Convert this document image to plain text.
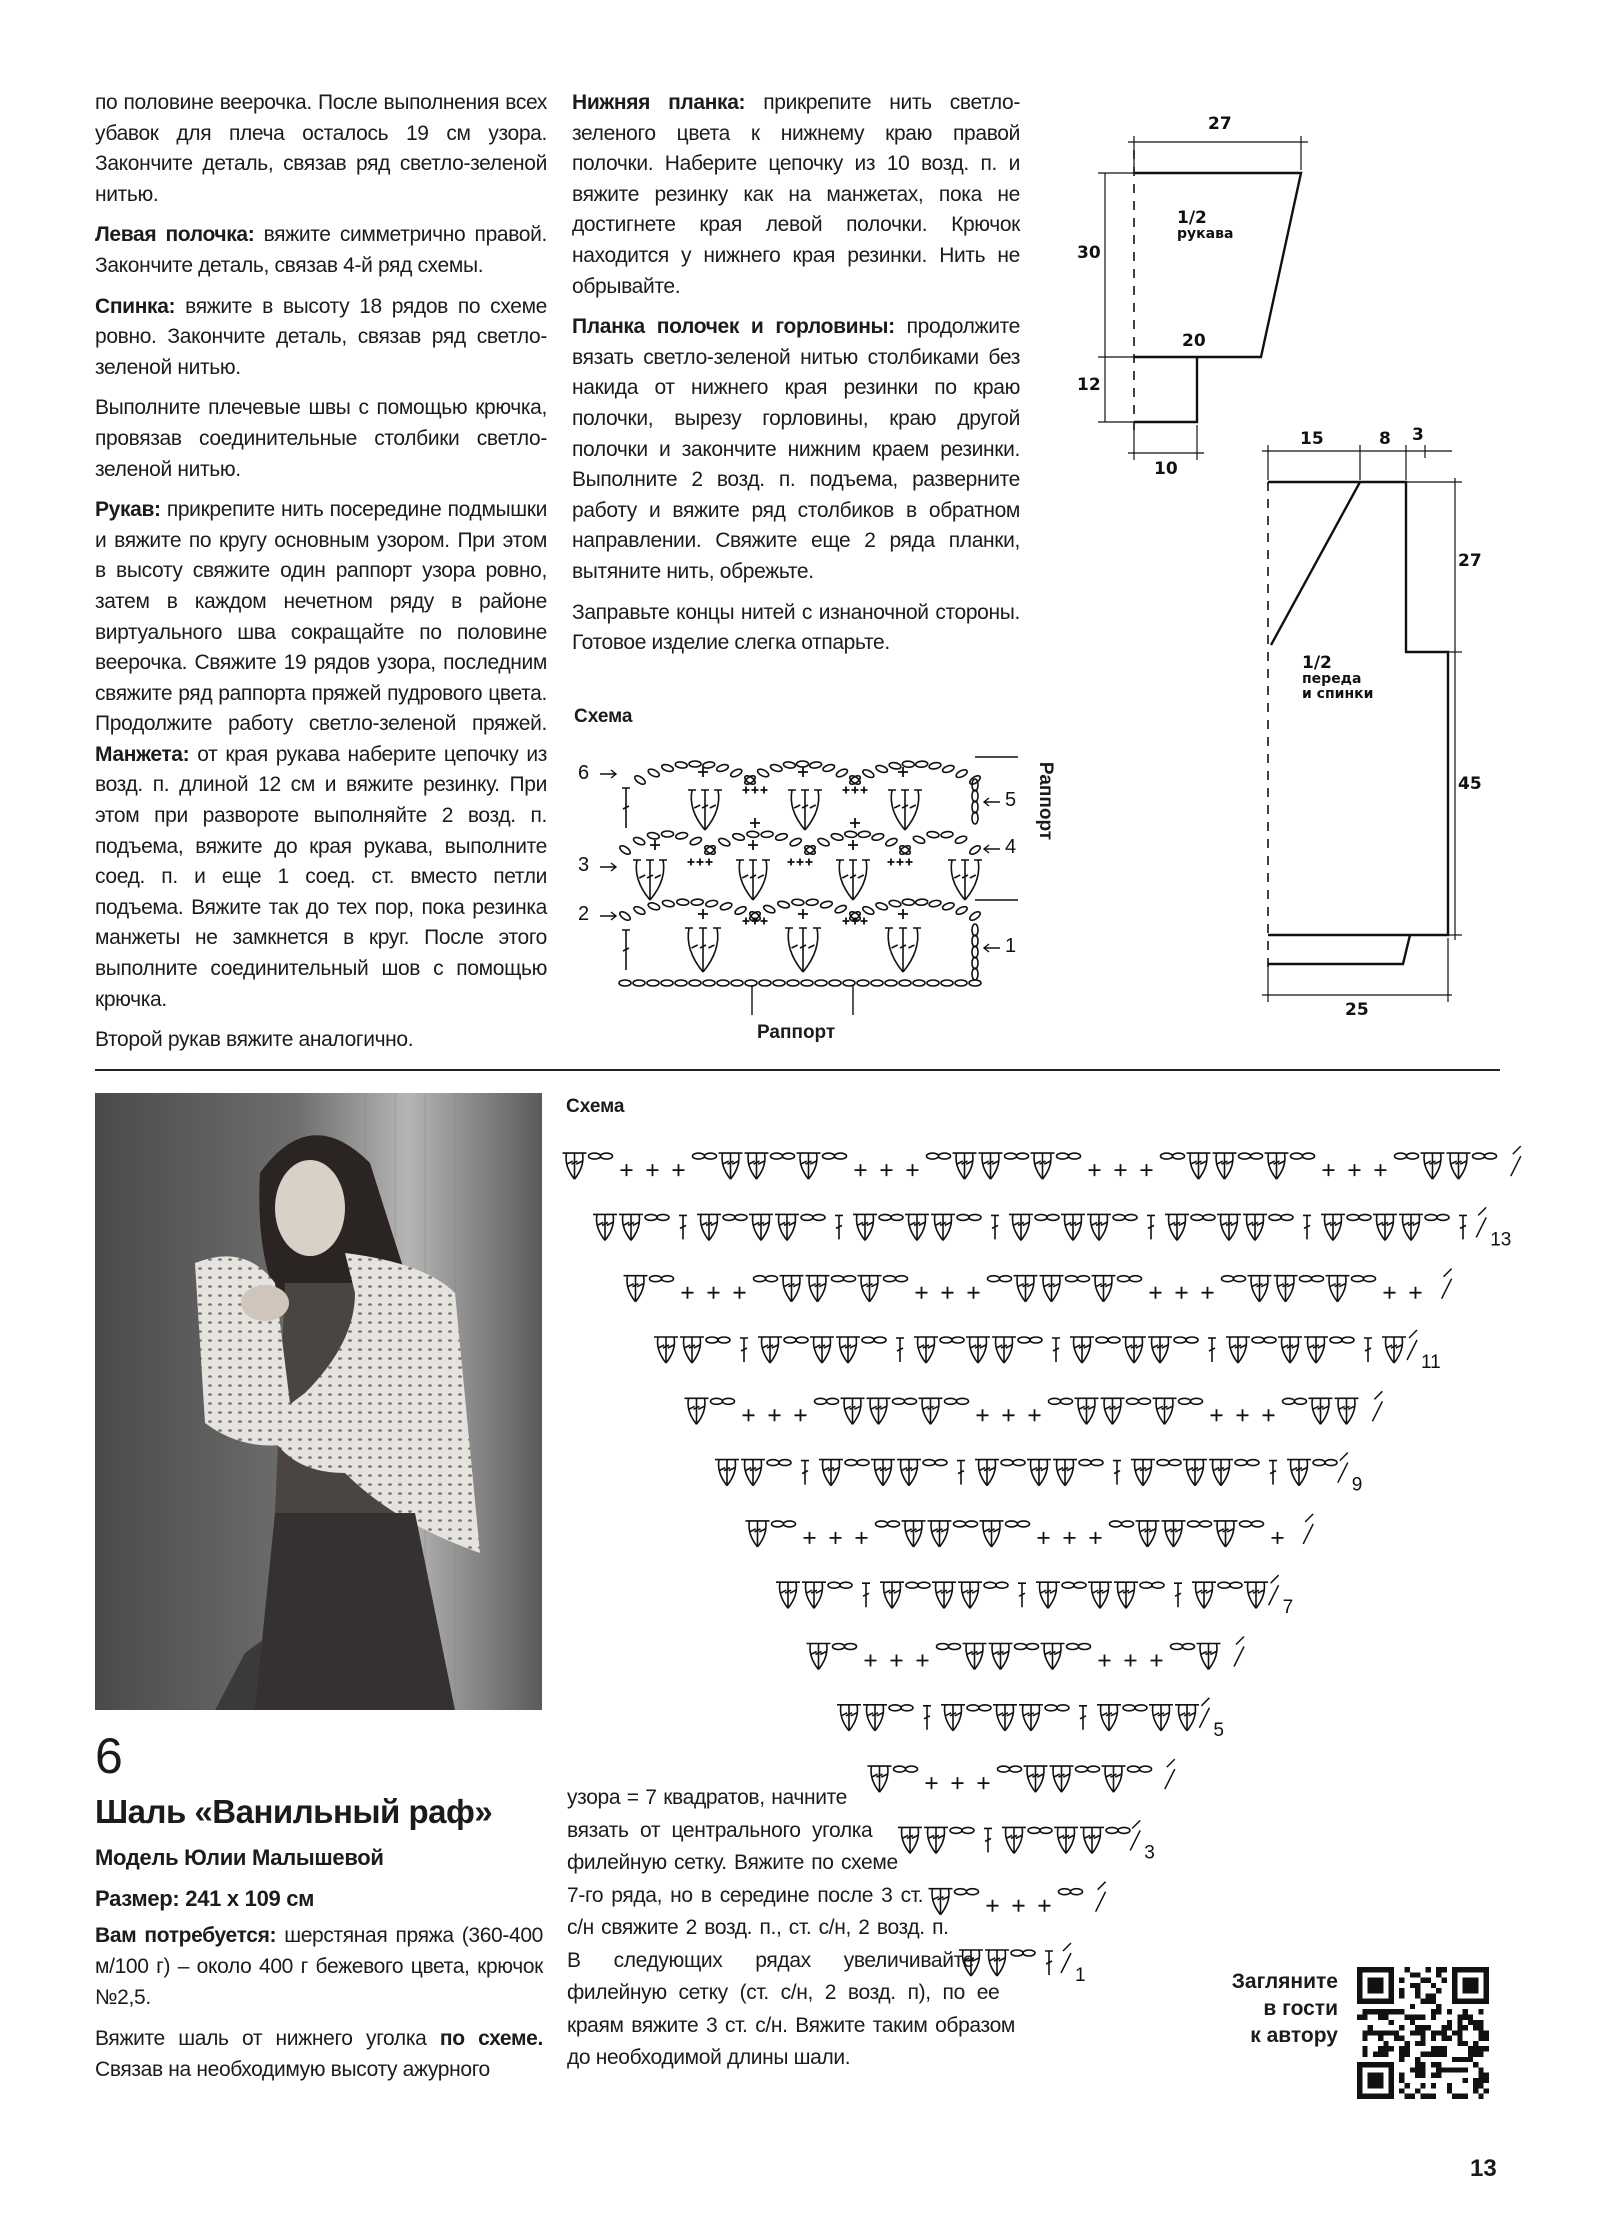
по половине веерочка. После выполнения всех убавок для плеча осталось 19 см узора. Закончите деталь, связав ряд светло-зеленой нитью.

Левая полочка: вяжите симметрично правой. Закончите деталь, связав 4-й ряд схемы.

Спинка: вяжите в высоту 18 рядов по схеме ровно. Закончите деталь, связав ряд светло-зеленой нитью.

Выполните плечевые швы с помощью крючка, провязав соединительные столбики светло-зеленой нитью.

Рукав: прикрепите нить посередине подмышки и вяжите по кругу основным узором. При этом в высоту свяжите один раппорт узора ровно, затем в каждом нечетном ряду в районе виртуального шва сокращайте по половине веерочка. Свяжите 19 рядов узора, последним свяжите ряд раппорта пряжей пудрового цвета. Продолжите работу светло-зеленой пряжей. Манжета: от края рукава наберите цепочку из возд. п. длиной 12 см и вяжите резинку. При этом при развороте выполняйте 2 возд. п. подъема, вяжите до края рукава, выполните соед. п. и еще 1 соед. ст. вместо петли подъема. Вяжите так до тех пор, пока резинка манжеты не замкнется в круг. После этого выполните соединительный шов с помощью крючка.

Второй рукав вяжите аналогично.

Нижняя планка: прикрепите нить светло-зеленого цвета к нижнему краю правой полочки. Наберите цепочку из 10 возд. п. и вяжите резинку как на манжетах, пока не достигнете края левой полочки. Крючок находится у нижнего края резинки. Нить не обрывайте.

Планка полочек и горловины: продолжите вязать светло-зеленой нитью столбиками без накида от нижнего края резинки по краю полочки, вырезу горловины, краю другой полочки и закончите нижним краем резинки. Выполните 2 возд. п. подъема, разверните работу и вяжите ряд столбиков в обратном направлении. Свяжите еще 2 ряда планки, вытяните нить, обрежьте.

Заправьте концы нитей с изнаночной стороны. Готовое изделие слегка отпарьте.

Схема
6
3
2
5
4
1
Раппорт
Раппорт
27
30
12
20
10
1/2
рукава
15	8 3
27
45
25
1/2
переда
и спинки
6
Шаль «Ванильный раф»
Модель Юлии Малышевой
Размер: 241 x 109 см

Вам потребуется: шерстяная пряжа (360-400 м/100 г) – около 400 г бежевого цвета, крючок №2,5.

Вяжите шаль от нижнего уголка по схеме. Связав на необходимую высоту ажурного

узора = 7 квадратов, начните вязать от центрального уголка филейную сетку. Вяжите по схеме 7-го ряда, но в середине после 3 ст. с/н свяжите 2 возд. п., ст. с/н, 2 возд. п. В следующих рядах увеличивайте филейную сетку (ст. с/н, 2 возд. п), по ее краям вяжите 3 ст. с/н. Вяжите таким образом до необходимой длины шали.
Схема
1
3
5
7
9
11
13
Загляните
в гости
к автору
13
